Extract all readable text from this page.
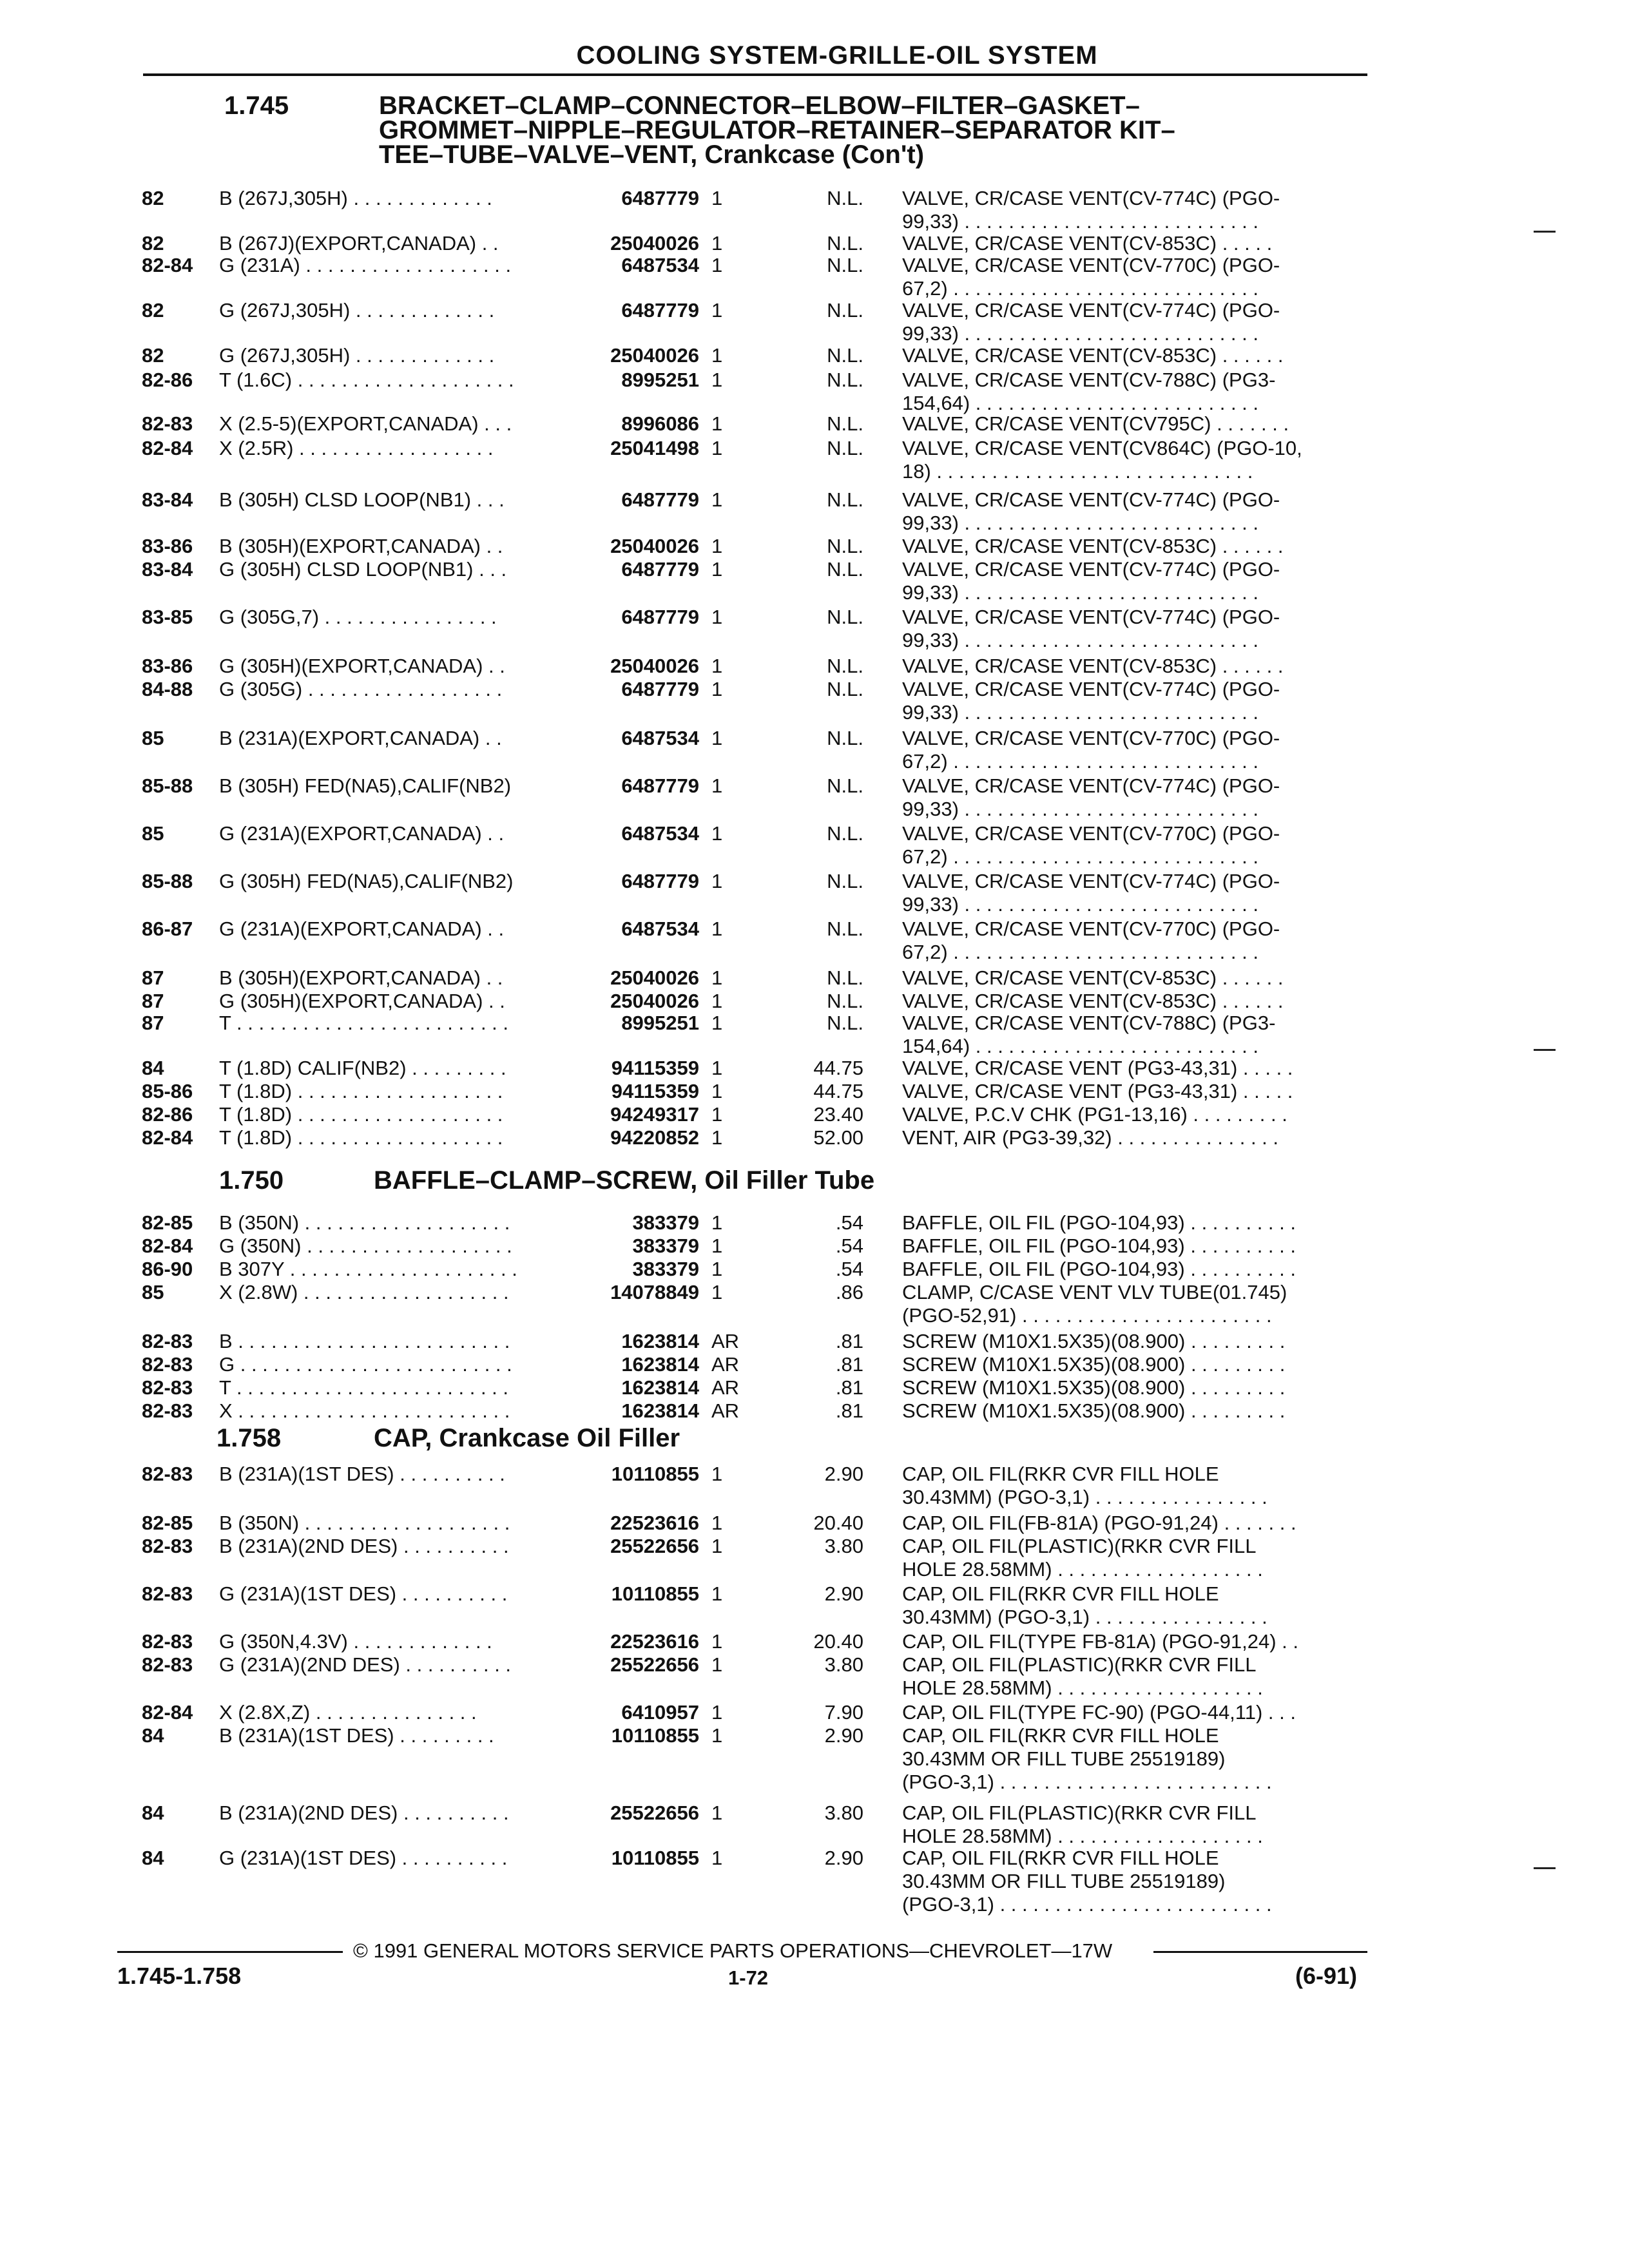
COOLING SYSTEM-GRILLE-OIL SYSTEM
1.745	BRACKET–CLAMP–CONNECTOR–ELBOW–FILTER–GASKET–
GROMMET–NIPPLE–REGULATOR–RETAINER–SEPARATOR KIT–
TEE–TUBE–VALVE–VENT, Crankcase (Con't)
1.750	BAFFLE–CLAMP–SCREW, Oil Filler Tube
1.758	CAP, Crankcase Oil Filler
82	B (267J,305H) . . . . . . . . . . . . .	6487779 1	N.L. VALVE, CR/CASE VENT(CV-774C) (PGO-
99,33) . . . . . . . . . . . . . . . . . . . . . . . . . . .
82	B (267J)(EXPORT,CANADA) . .	25040026 1	N.L. VALVE, CR/CASE VENT(CV-853C) . . . . .
82-84 G (231A) . . . . . . . . . . . . . . . . . . .	6487534 1	N.L. VALVE, CR/CASE VENT(CV-770C) (PGO-
67,2) . . . . . . . . . . . . . . . . . . . . . . . . . . . .
82	G (267J,305H) . . . . . . . . . . . . .	6487779 1	N.L. VALVE, CR/CASE VENT(CV-774C) (PGO-
99,33) . . . . . . . . . . . . . . . . . . . . . . . . . . .
82	G (267J,305H) . . . . . . . . . . . . .	25040026 1	N.L. VALVE, CR/CASE VENT(CV-853C) . . . . . .
82-86 T (1.6C) . . . . . . . . . . . . . . . . . . . .	8995251 1	N.L. VALVE, CR/CASE VENT(CV-788C) (PG3-
154,64) . . . . . . . . . . . . . . . . . . . . . . . . . .
82-83 X (2.5-5)(EXPORT,CANADA) . . .	8996086 1	N.L. VALVE, CR/CASE VENT(CV795C) . . . . . . .
82-84 X (2.5R) . . . . . . . . . . . . . . . . . .	25041498 1	N.L. VALVE, CR/CASE VENT(CV864C) (PGO-10,
18) . . . . . . . . . . . . . . . . . . . . . . . . . . . . .
83-84 B (305H) CLSD LOOP(NB1) . . .	6487779 1	N.L. VALVE, CR/CASE VENT(CV-774C) (PGO-
99,33) . . . . . . . . . . . . . . . . . . . . . . . . . . .
83-86 B (305H)(EXPORT,CANADA) . .	25040026 1	N.L. VALVE, CR/CASE VENT(CV-853C) . . . . . .
83-84 G (305H) CLSD LOOP(NB1) . . .	6487779 1	N.L. VALVE, CR/CASE VENT(CV-774C) (PGO-
99,33) . . . . . . . . . . . . . . . . . . . . . . . . . . .
83-85 G (305G,7) . . . . . . . . . . . . . . . .	6487779 1	N.L. VALVE, CR/CASE VENT(CV-774C) (PGO-
99,33) . . . . . . . . . . . . . . . . . . . . . . . . . . .
83-86 G (305H)(EXPORT,CANADA) . .	25040026 1	N.L. VALVE, CR/CASE VENT(CV-853C) . . . . . .
84-88 G (305G) . . . . . . . . . . . . . . . . . .	6487779 1	N.L. VALVE, CR/CASE VENT(CV-774C) (PGO-
99,33) . . . . . . . . . . . . . . . . . . . . . . . . . . .
85	B (231A)(EXPORT,CANADA) . .	6487534 1	N.L. VALVE, CR/CASE VENT(CV-770C) (PGO-
67,2) . . . . . . . . . . . . . . . . . . . . . . . . . . . .
85-88 B (305H) FED(NA5),CALIF(NB2)	6487779 1	N.L. VALVE, CR/CASE VENT(CV-774C) (PGO-
99,33) . . . . . . . . . . . . . . . . . . . . . . . . . . .
85	G (231A)(EXPORT,CANADA) . .	6487534 1	N.L. VALVE, CR/CASE VENT(CV-770C) (PGO-
67,2) . . . . . . . . . . . . . . . . . . . . . . . . . . . .
85-88 G (305H) FED(NA5),CALIF(NB2)	6487779 1	N.L. VALVE, CR/CASE VENT(CV-774C) (PGO-
99,33) . . . . . . . . . . . . . . . . . . . . . . . . . . .
86-87 G (231A)(EXPORT,CANADA) . .	6487534 1	N.L. VALVE, CR/CASE VENT(CV-770C) (PGO-
67,2) . . . . . . . . . . . . . . . . . . . . . . . . . . . .
87	B (305H)(EXPORT,CANADA) . .	25040026 1	N.L. VALVE, CR/CASE VENT(CV-853C) . . . . . .
87	G (305H)(EXPORT,CANADA) . .	25040026 1	N.L. VALVE, CR/CASE VENT(CV-853C) . . . . . .
87	T . . . . . . . . . . . . . . . . . . . . . . . . .	8995251 1	N.L. VALVE, CR/CASE VENT(CV-788C) (PG3-
154,64) . . . . . . . . . . . . . . . . . . . . . . . . . .
84	T (1.8D) CALIF(NB2) . . . . . . . . .	94115359 1	44.75 VALVE, CR/CASE VENT (PG3-43,31) . . . . .
85-86 T (1.8D) . . . . . . . . . . . . . . . . . . .	94115359 1	44.75 VALVE, CR/CASE VENT (PG3-43,31) . . . . .
82-86 T (1.8D) . . . . . . . . . . . . . . . . . . .	94249317 1	23.40 VALVE, P.C.V CHK (PG1-13,16) . . . . . . . . .
82-84 T (1.8D) . . . . . . . . . . . . . . . . . . .	94220852 1	52.00 VENT, AIR (PG3-39,32) . . . . . . . . . . . . . . .
82-85 B (350N) . . . . . . . . . . . . . . . . . . .	383379 1	.54 BAFFLE, OIL FIL (PGO-104,93) . . . . . . . . . .
82-84 G (350N) . . . . . . . . . . . . . . . . . . .	383379 1	.54 BAFFLE, OIL FIL (PGO-104,93) . . . . . . . . . .
86-90 B 307Y . . . . . . . . . . . . . . . . . . . . .	383379 1	.54 BAFFLE, OIL FIL (PGO-104,93) . . . . . . . . . .
85	X (2.8W) . . . . . . . . . . . . . . . . . . .	14078849 1	.86 CLAMP, C/CASE VENT VLV TUBE(01.745)
(PGO-52,91) . . . . . . . . . . . . . . . . . . . . . . .
82-83 B . . . . . . . . . . . . . . . . . . . . . . . . .	1623814 AR	.81 SCREW (M10X1.5X35)(08.900) . . . . . . . . .
82-83 G . . . . . . . . . . . . . . . . . . . . . . . . .	1623814 AR	.81 SCREW (M10X1.5X35)(08.900) . . . . . . . . .
82-83 T . . . . . . . . . . . . . . . . . . . . . . . . .	1623814 AR	.81 SCREW (M10X1.5X35)(08.900) . . . . . . . . .
82-83 X . . . . . . . . . . . . . . . . . . . . . . . . .	1623814 AR	.81 SCREW (M10X1.5X35)(08.900) . . . . . . . . .
82-83 B (231A)(1ST DES) . . . . . . . . . .	10110855 1	2.90 CAP, OIL FIL(RKR CVR FILL HOLE
30.43MM) (PGO-3,1) . . . . . . . . . . . . . . . .
82-85 B (350N) . . . . . . . . . . . . . . . . . . .	22523616 1	20.40 CAP, OIL FIL(FB-81A) (PGO-91,24) . . . . . . .
82-83 B (231A)(2ND DES) . . . . . . . . . .	25522656 1	3.80 CAP, OIL FIL(PLASTIC)(RKR CVR FILL
HOLE 28.58MM) . . . . . . . . . . . . . . . . . . .
82-83 G (231A)(1ST DES) . . . . . . . . . .	10110855 1	2.90 CAP, OIL FIL(RKR CVR FILL HOLE
30.43MM) (PGO-3,1) . . . . . . . . . . . . . . . .
82-83 G (350N,4.3V) . . . . . . . . . . . . .	22523616 1	20.40 CAP, OIL FIL(TYPE FB-81A) (PGO-91,24) . .
82-83 G (231A)(2ND DES) . . . . . . . . . .	25522656 1	3.80 CAP, OIL FIL(PLASTIC)(RKR CVR FILL
HOLE 28.58MM) . . . . . . . . . . . . . . . . . . .
82-84 X (2.8X,Z) . . . . . . . . . . . . . . .	6410957 1	7.90 CAP, OIL FIL(TYPE FC-90) (PGO-44,11) . . .
84	B (231A)(1ST DES) . . . . . . . . .	10110855 1	2.90 CAP, OIL FIL(RKR CVR FILL HOLE
30.43MM OR FILL TUBE 25519189)
(PGO-3,1) . . . . . . . . . . . . . . . . . . . . . . . . .
84	B (231A)(2ND DES) . . . . . . . . . .	25522656 1	3.80 CAP, OIL FIL(PLASTIC)(RKR CVR FILL
HOLE 28.58MM) . . . . . . . . . . . . . . . . . . .
84	G (231A)(1ST DES) . . . . . . . . . .	10110855 1	2.90 CAP, OIL FIL(RKR CVR FILL HOLE
30.43MM OR FILL TUBE 25519189)
(PGO-3,1) . . . . . . . . . . . . . . . . . . . . . . . . .
© 1991 GENERAL MOTORS SERVICE PARTS OPERATIONS—CHEVROLET—17W
1.745-1.758	1-72	(6-91)
